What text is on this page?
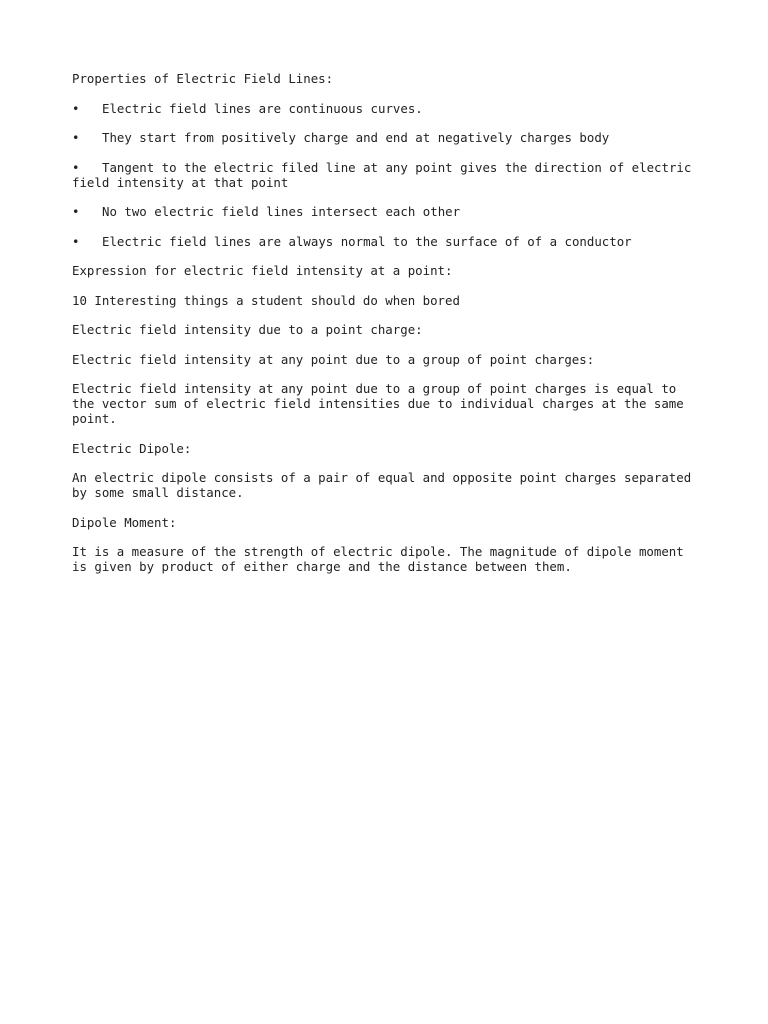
Properties of Electric Field Lines:

• Electric field lines are continuous curves.

• They start from positively charge and end at negatively charges body

• Tangent to the electric filed line at any point gives the direction of electric field intensity at that point

• No two electric field lines intersect each other

• Electric field lines are always normal to the surface of of a conductor

Expression for electric field intensity at a point:

10 Interesting things a student should do when bored

Electric field intensity due to a point charge:

Electric field intensity at any point due to a group of point charges:

Electric field intensity at any point due to a group of point charges is equal to the vector sum of electric field intensities due to individual charges at the same point.

Electric Dipole:

An electric dipole consists of a pair of equal and opposite point charges separated by some small distance.

Dipole Moment:

It is a measure of the strength of electric dipole. The magnitude of dipole moment is given by product of either charge and the distance between them.
